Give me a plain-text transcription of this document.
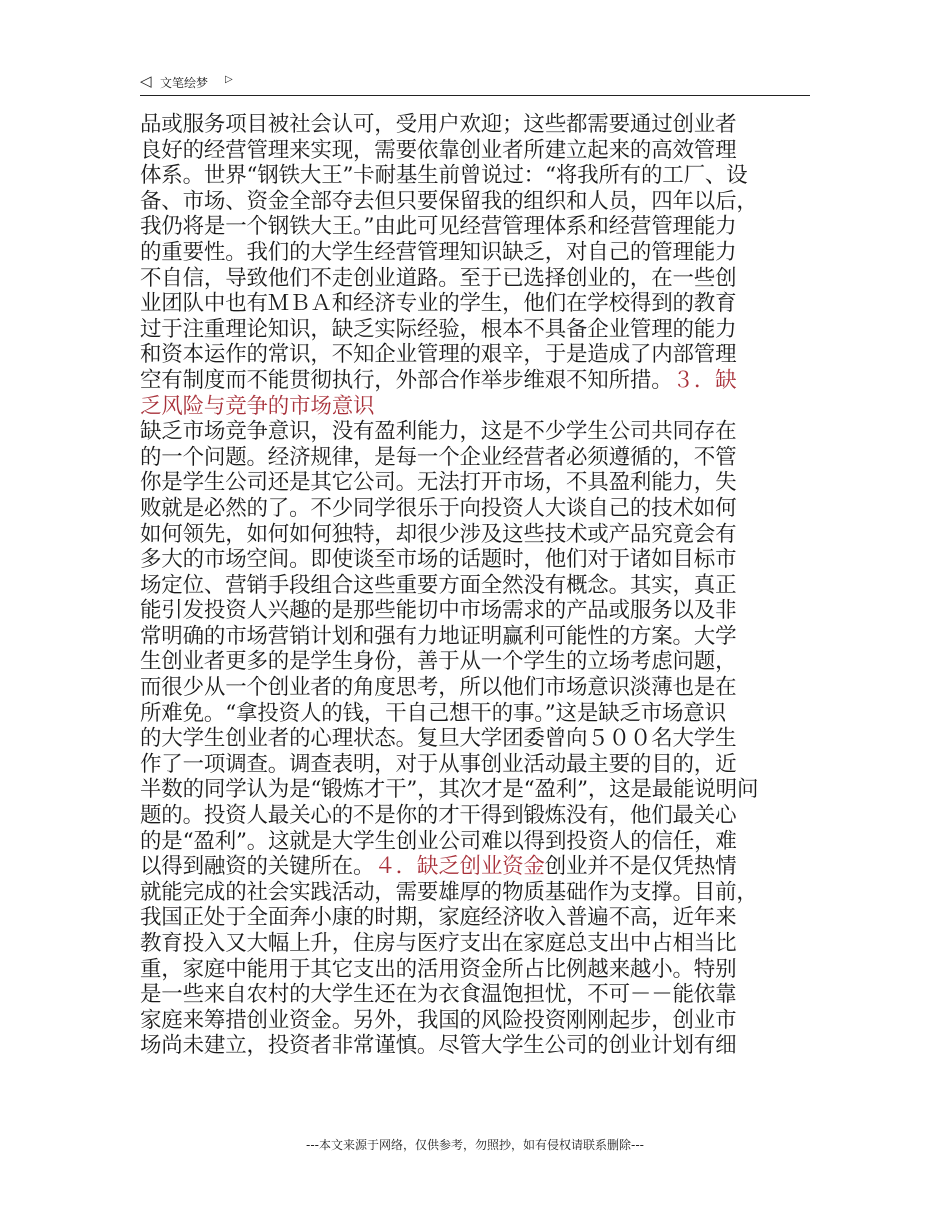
◁ 文笔绘梦 ▷
品或服务项目被社会认可，受用户欢迎；这些都需要通过创业者
良好的经营管理来实现，需要依靠创业者所建立起来的高效管理
体系。世界“钢铁大王”卡耐基生前曾说过：“将我所有的工厂、设
备、市场、资金全部夺去但只要保留我的组织和人员，四年以后，
我仍将是一个钢铁大王。”由此可见经营管理体系和经营管理能力
的重要性。我们的大学生经营管理知识缺乏，对自己的管理能力
不自信，导致他们不走创业道路。至于已选择创业的，在一些创
业团队中也有ＭＢＡ和经济专业的学生，他们在学校得到的教育
过于注重理论知识，缺乏实际经验，根本不具备企业管理的能力
和资本运作的常识，不知企业管理的艰辛，于是造成了内部管理
空有制度而不能贯彻执行，外部合作举步维艰不知所措。３．缺
乏风险与竞争的市场意识
缺乏市场竞争意识，没有盈利能力，这是不少学生公司共同存在
的一个问题。经济规律，是每一个企业经营者必须遵循的，不管
你是学生公司还是其它公司。无法打开市场，不具盈利能力，失
败就是必然的了。不少同学很乐于向投资人大谈自己的技术如何
如何领先，如何如何独特，却很少涉及这些技术或产品究竟会有
多大的市场空间。即使谈至市场的话题时，他们对于诸如目标市
场定位、营销手段组合这些重要方面全然没有概念。其实，真正
能引发投资人兴趣的是那些能切中市场需求的产品或服务以及非
常明确的市场营销计划和强有力地证明赢利可能性的方案。大学
生创业者更多的是学生身份，善于从一个学生的立场考虑问题，
而很少从一个创业者的角度思考，所以他们市场意识淡薄也是在
所难免。“拿投资人的钱，干自己想干的事。”这是缺乏市场意识
的大学生创业者的心理状态。复旦大学团委曾向５００名大学生
作了一项调查。调查表明，对于从事创业活动最主要的目的，近
半数的同学认为是“锻炼才干”，其次才是“盈利”，这是最能说明问
题的。投资人最关心的不是你的才干得到锻炼没有，他们最关心
的是“盈利”。这就是大学生创业公司难以得到投资人的信任，难
以得到融资的关键所在。４．缺乏创业资金创业并不是仅凭热情
就能完成的社会实践活动，需要雄厚的物质基础作为支撑。目前，
我国正处于全面奔小康的时期，家庭经济收入普遍不高，近年来
教育投入又大幅上升，住房与医疗支出在家庭总支出中占相当比
重，家庭中能用于其它支出的活用资金所占比例越来越小。特别
是一些来自农村的大学生还在为衣食温饱担忧，不可－－能依靠
家庭来筹措创业资金。另外，我国的风险投资刚刚起步，创业市
场尚未建立，投资者非常谨慎。尽管大学生公司的创业计划有细
---本文来源于网络，仅供参考，勿照抄，如有侵权请联系删除---
